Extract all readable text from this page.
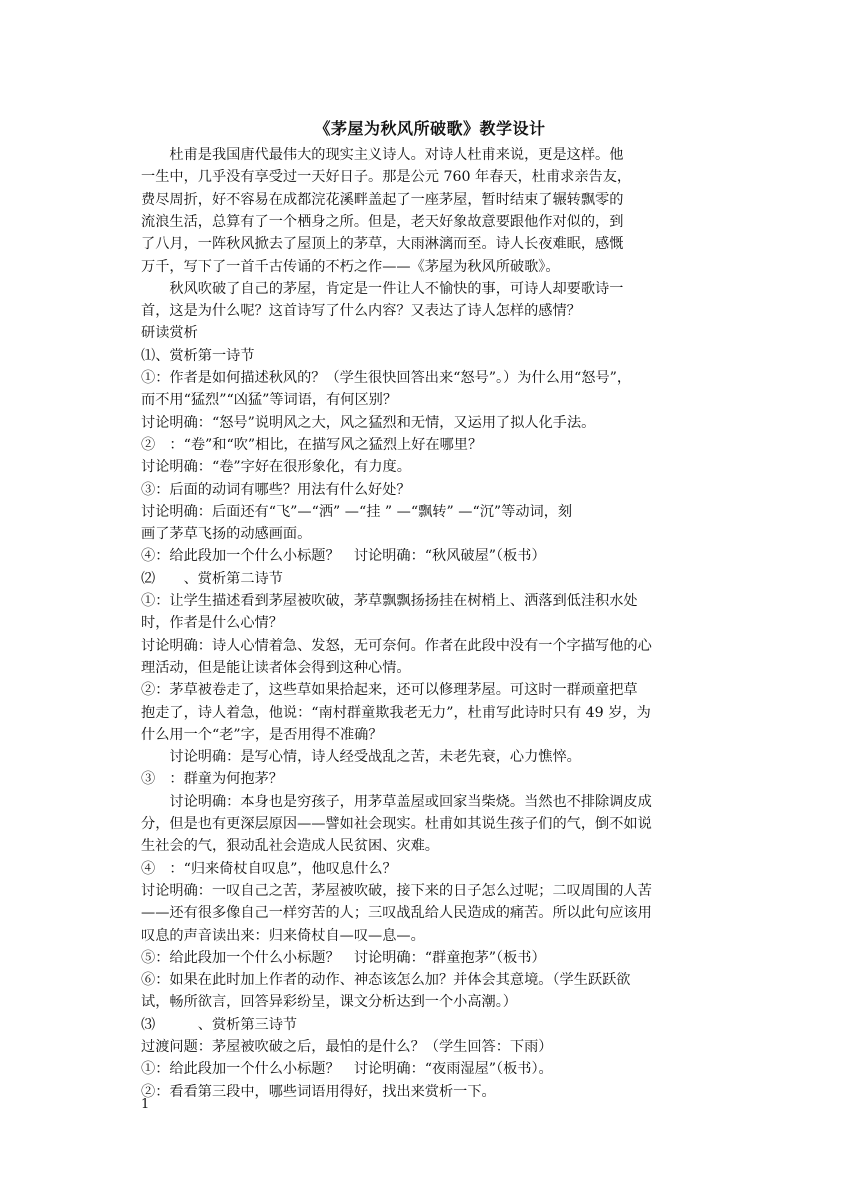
《茅屋为秋风所破歌》教学设计
　　杜甫是我国唐代最伟大的现实主义诗人。对诗人杜甫来说，更是这样。他
一生中，几乎没有享受过一天好日子。那是公元 760 年春天，杜甫求亲告友，
费尽周折，好不容易在成都浣花溪畔盖起了一座茅屋，暂时结束了辗转飘零的
流浪生活，总算有了一个栖身之所。但是，老天好象故意要跟他作对似的，到
了八月，一阵秋风掀去了屋顶上的茅草，大雨淋漓而至。诗人长夜难眠，感慨
万千，写下了一首千古传诵的不朽之作——《茅屋为秋风所破歌》。
　　秋风吹破了自己的茅屋，肯定是一件让人不愉快的事，可诗人却要歌诗一
首，这是为什么呢？这首诗写了什么内容？又表达了诗人怎样的感情？
研读赏析
⑴、赏析第一诗节
①：作者是如何描述秋风的？（学生很快回答出来“怒号”。）为什么用“怒号”，
而不用“猛烈”“凶猛”等词语，有何区别？
讨论明确：“怒号”说明风之大，风之猛烈和无情，又运用了拟人化手法。
②　：“卷”和“吹”相比，在描写风之猛烈上好在哪里？
讨论明确：“卷”字好在很形象化，有力度。
③：后面的动词有哪些？用法有什么好处？
讨论明确：后面还有“飞”—“洒” —“挂 ” —“飘转” —“沉”等动词，刻
画了茅草飞扬的动感画面。
④：给此段加一个什么小标题？　讨论明确：“秋风破屋”（板书）
⑵　　、赏析第二诗节
①：让学生描述看到茅屋被吹破，茅草飘飘扬扬挂在树梢上、洒落到低洼积水处
时，作者是什么心情？
讨论明确：诗人心情着急、发怒，无可奈何。作者在此段中没有一个字描写他的心
理活动，但是能让读者体会得到这种心情。
②：茅草被卷走了，这些草如果拾起来，还可以修理茅屋。可这时一群顽童把草
抱走了，诗人着急，他说：“南村群童欺我老无力”，杜甫写此诗时只有 49 岁，为
什么用一个“老”字，是否用得不准确？
　　讨论明确：是写心情，诗人经受战乱之苦，未老先衰，心力憔悴。
③　：群童为何抱茅？
　　讨论明确：本身也是穷孩子，用茅草盖屋或回家当柴烧。当然也不排除调皮成
分，但是也有更深层原因——譬如社会现实。杜甫如其说生孩子们的气，倒不如说
生社会的气，狠动乱社会造成人民贫困、灾难。
④　：“归来倚杖自叹息”，他叹息什么？
讨论明确：一叹自己之苦，茅屋被吹破，接下来的日子怎么过呢；二叹周围的人苦
——还有很多像自己一样穷苦的人；三叹战乱给人民造成的痛苦。所以此句应该用
叹息的声音读出来：归来倚杖自—叹—息—。
⑤：给此段加一个什么小标题？　讨论明确：“群童抱茅”（板书）
⑥：如果在此时加上作者的动作、神态该怎么加？并体会其意境。（学生跃跃欲
试，畅所欲言，回答异彩纷呈，课文分析达到一个小高潮。）
⑶　　　、赏析第三诗节
过渡问题：茅屋被吹破之后，最怕的是什么？（学生回答：下雨）
①：给此段加一个什么小标题？　讨论明确：“夜雨湿屋”（板书）。
②：看看第三段中，哪些词语用得好，找出来赏析一下。
1
